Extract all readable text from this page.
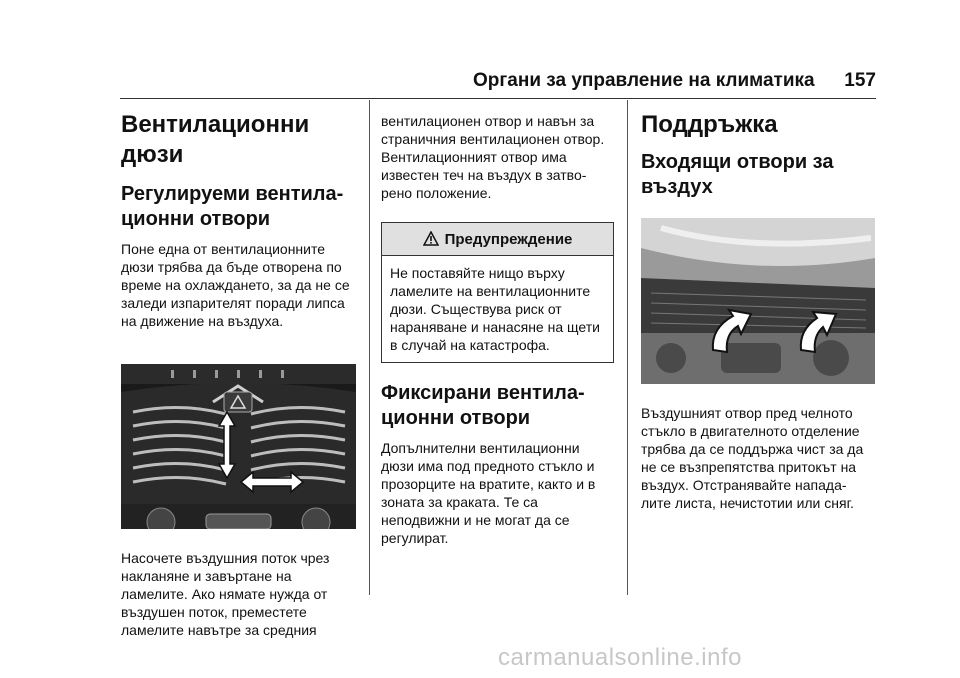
Органи за управление на климатика 157
Вентилационни дюзи
Регулируеми вентила- ционни отвори

Поне една от вентилационните дюзи трябва да бъде отворена по време на охлаждането, за да не се заледи изпарителят поради липса на движение на въздуха.

Насочете въздушния поток чрез накланяне и завъртане на ламелите. Ако нямате нужда от въздушен поток, преместете ламелите навътре за средния

вентилационен отвор и навън за страничния вентилационен отвор. Вентилационният отвор има известен теч на въздух в затво- рено положение.

Предупреждение

Не поставяйте нищо върху ламелите на вентилационните дюзи. Съществува риск от нараняване и нанасяне на щети в случай на катастрофа.

Фиксирани вентила- ционни отвори

Допълнителни вентилационни дюзи има под предното стъкло и прозорците на вратите, както и в зоната за краката. Те са неподвижни и не могат да се регулират.

Поддръжка
Входящи отвори за въздух

Въздушният отвор пред челното стъкло в двигателното отделение трябва да се поддържа чист за да не се възпрепятства притокът на въздух. Отстранявайте напада- лите листа, нечистотии или сняг.

carmanualsonline.info
